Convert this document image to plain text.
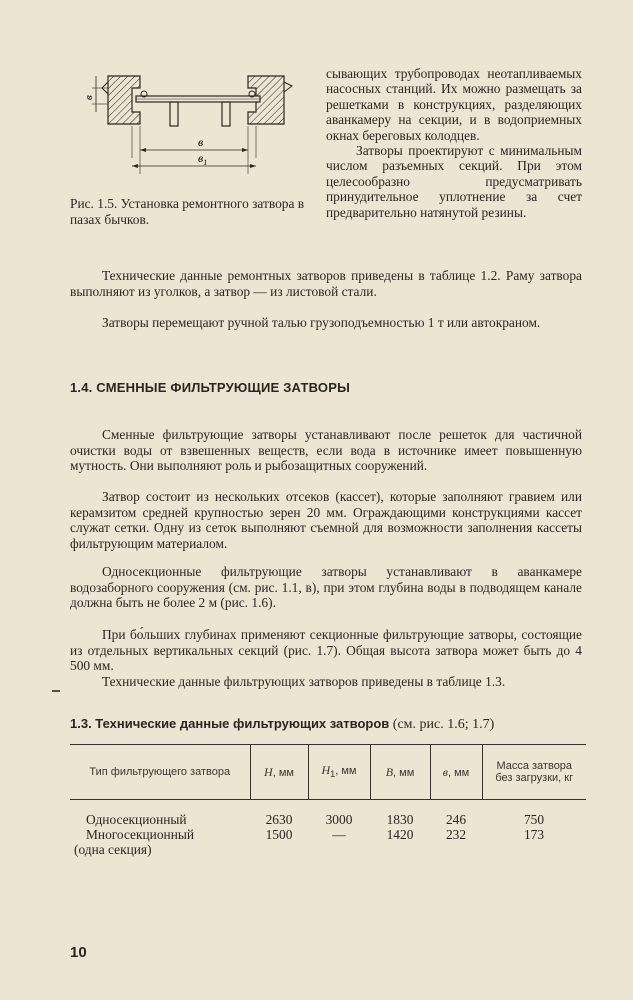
в
в
$в_1$
Рис. 1.5. Установка ремонтного затвора в пазах бычков.

сывающих трубопроводах неотапливаемых насосных станций. Их можно размещать за решетками в конструкциях, разделяющих аванкамеру на секции, и в водоприемных окнах береговых колодцев.

Затворы проектируют с минимальным числом разъемных секций. При этом целесообразно предусматривать принудительное уплотнение за счет предварительно натянутой резины.

Технические данные ремонтных затворов приведены в таблице 1.2. Раму затвора выполняют из уголков, а затвор — из листовой стали.

Затворы перемещают ручной талью грузоподъемностью 1 т или автокраном.

1.4. СМЕННЫЕ ФИЛЬТРУЮЩИЕ ЗАТВОРЫ

Сменные фильтрующие затворы устанавливают после решеток для частичной очистки воды от взвешенных веществ, если вода в источнике имеет повышенную мутность. Они выполняют роль и рыбозащитных сооружений.

Затвор состоит из нескольких отсеков (кассет), которые заполняют гравием или керамзитом средней крупностью зерен 20 мм. Ограждающими конструкциями кассет служат сетки. Одну из сеток выполняют съемной для возможности заполнения кассеты фильтрующим материалом.

Односекционные фильтрующие затворы устанавливают в аванкамере водозаборного сооружения (см. рис. 1.1, в), при этом глубина воды в подводящем канале должна быть не более 2 м (рис. 1.6).

При бо́льших глубинах применяют секционные фильтрующие затворы, состоящие из отдельных вертикальных секций (рис. 1.7). Общая высота затвора может быть до 4 500 мм.

Технические данные фильтрующих затворов приведены в таблице 1.3.

1.3. Технические данные фильтрующих затворов (см. рис. 1.6; 1.7)
Тип фильтрующего затвора	H, мм	$H_1$, мм	B, мм	в, мм	Масса затвора без загрузки, кг
Односекционный	2630	3000	1830	246	750
Многосекционный	1500	—	1420	232	173
(одна секция)					
10
